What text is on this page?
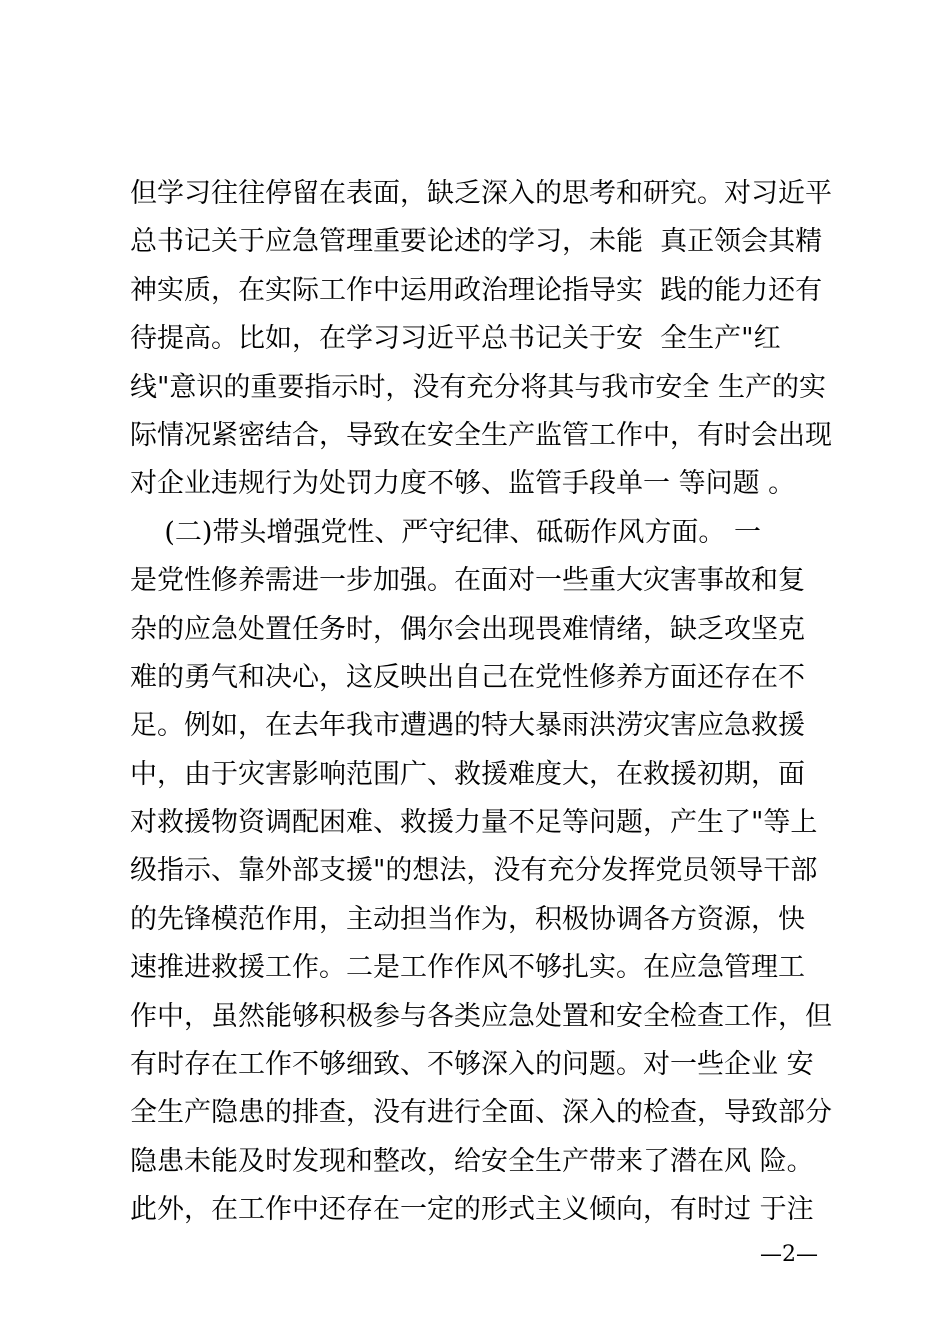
但学习往往停留在表面，缺乏深入的思考和研究。对习近平
总书记关于应急管理重要论述的学习，未能  真正领会其精
神实质，在实际工作中运用政治理论指导实  践的能力还有
待提高。比如，在学习习近平总书记关于安  全生产"红
线"意识的重要指示时，没有充分将其与我市安全 生产的实
际情况紧密结合，导致在安全生产监管工作中，有时会出现
对企业违规行为处罚力度不够、监管手段单一 等问题 。
(二)带头增强党性、严守纪律、砥砺作风方面。 一
是党性修养需进一步加强。在面对一些重大灾害事故和复
杂的应急处置任务时，偶尔会出现畏难情绪，缺乏攻坚克
难的勇气和决心，这反映出自己在党性修养方面还存在不
足。例如，在去年我市遭遇的特大暴雨洪涝灾害应急救援
中，由于灾害影响范围广、救援难度大，在救援初期，面
对救援物资调配困难、救援力量不足等问题，产生了"等上
级指示、靠外部支援"的想法，没有充分发挥党员领导干部
的先锋模范作用，主动担当作为，积极协调各方资源，快
速推进救援工作。二是工作作风不够扎实。在应急管理工
作中，虽然能够积极参与各类应急处置和安全检查工作，但
有时存在工作不够细致、不够深入的问题。对一些企业 安
全生产隐患的排查，没有进行全面、深入的检查，导致部分
隐患未能及时发现和整改，给安全生产带来了潜在风 险。
此外，在工作中还存在一定的形式主义倾向，有时过 于注
—2—
